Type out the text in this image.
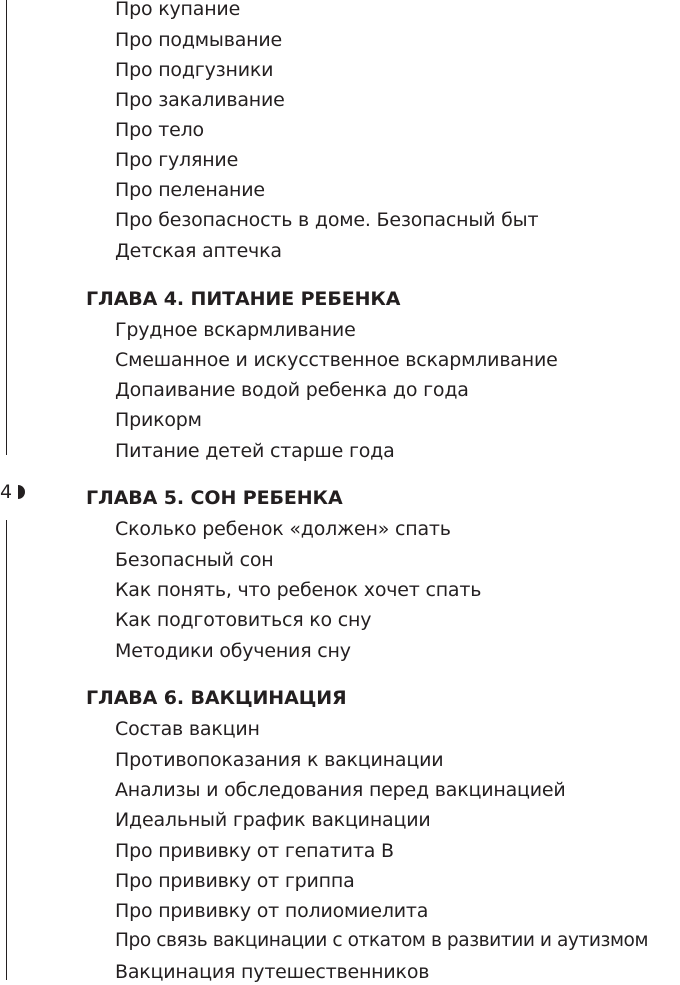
4
Про купание
Про подмывание
Про подгузники
Про закаливание
Про тело
Про гуляние
Про пеленание
Про безопасность в доме. Безопасный быт
Детская аптечка
ГЛАВА 4. ПИТАНИЕ РЕБЕНКА
Грудное вскармливание
Смешанное и искусственное вскармливание
Допаивание водой ребенка до года
Прикорм
Питание детей старше года
ГЛАВА 5. СОН РЕБЕНКА
Сколько ребенок «должен» спать
Безопасный сон
Как понять, что ребенок хочет спать
Как подготовиться ко сну
Методики обучения сну
ГЛАВА 6. ВАКЦИНАЦИЯ
Состав вакцин
Противопоказания к вакцинации
Анализы и обследования перед вакцинацией
Идеальный график вакцинации
Про прививку от гепатита В
Про прививку от гриппа
Про прививку от полиомиелита
Про связь вакцинации с откатом в развитии и аутизмом
Вакцинация путешественников
